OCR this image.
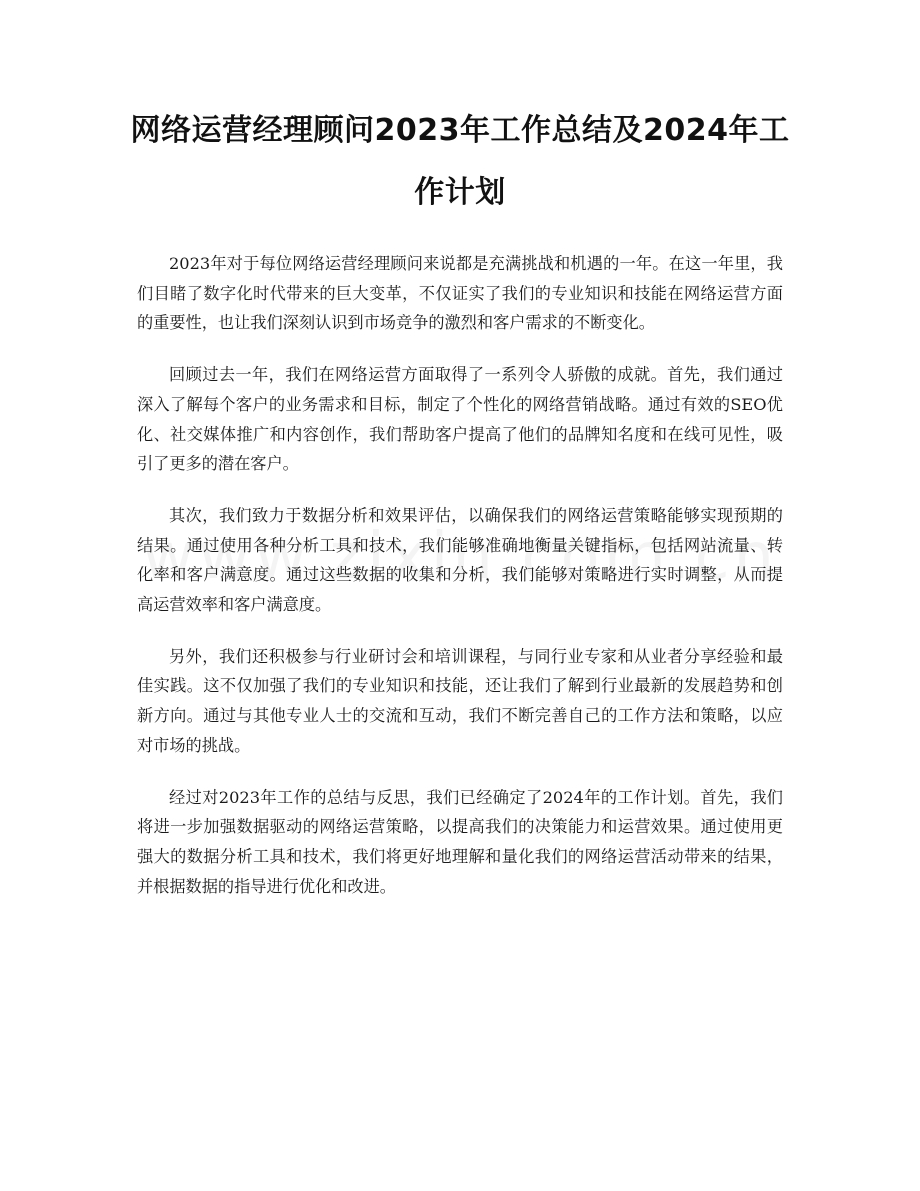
网络运营经理顾问2023年工作总结及2024年工作计划

2023年对于每位网络运营经理顾问来说都是充满挑战和机遇的一年。在这一年里，我们目睹了数字化时代带来的巨大变革，不仅证实了我们的专业知识和技能在网络运营方面的重要性，也让我们深刻认识到市场竞争的激烈和客户需求的不断变化。

回顾过去一年，我们在网络运营方面取得了一系列令人骄傲的成就。首先，我们通过深入了解每个客户的业务需求和目标，制定了个性化的网络营销战略。通过有效的SEO优化、社交媒体推广和内容创作，我们帮助客户提高了他们的品牌知名度和在线可见性，吸引了更多的潜在客户。

其次，我们致力于数据分析和效果评估，以确保我们的网络运营策略能够实现预期的结果。通过使用各种分析工具和技术，我们能够准确地衡量关键指标，包括网站流量、转化率和客户满意度。通过这些数据的收集和分析，我们能够对策略进行实时调整，从而提高运营效率和客户满意度。

另外，我们还积极参与行业研讨会和培训课程，与同行业专家和从业者分享经验和最佳实践。这不仅加强了我们的专业知识和技能，还让我们了解到行业最新的发展趋势和创新方向。通过与其他专业人士的交流和互动，我们不断完善自己的工作方法和策略，以应对市场的挑战。

经过对2023年工作的总结与反思，我们已经确定了2024年的工作计划。首先，我们将进一步加强数据驱动的网络运营策略，以提高我们的决策能力和运营效果。通过使用更强大的数据分析工具和技术，我们将更好地理解和量化我们的网络运营活动带来的结果，并根据数据的指导进行优化和改进。
